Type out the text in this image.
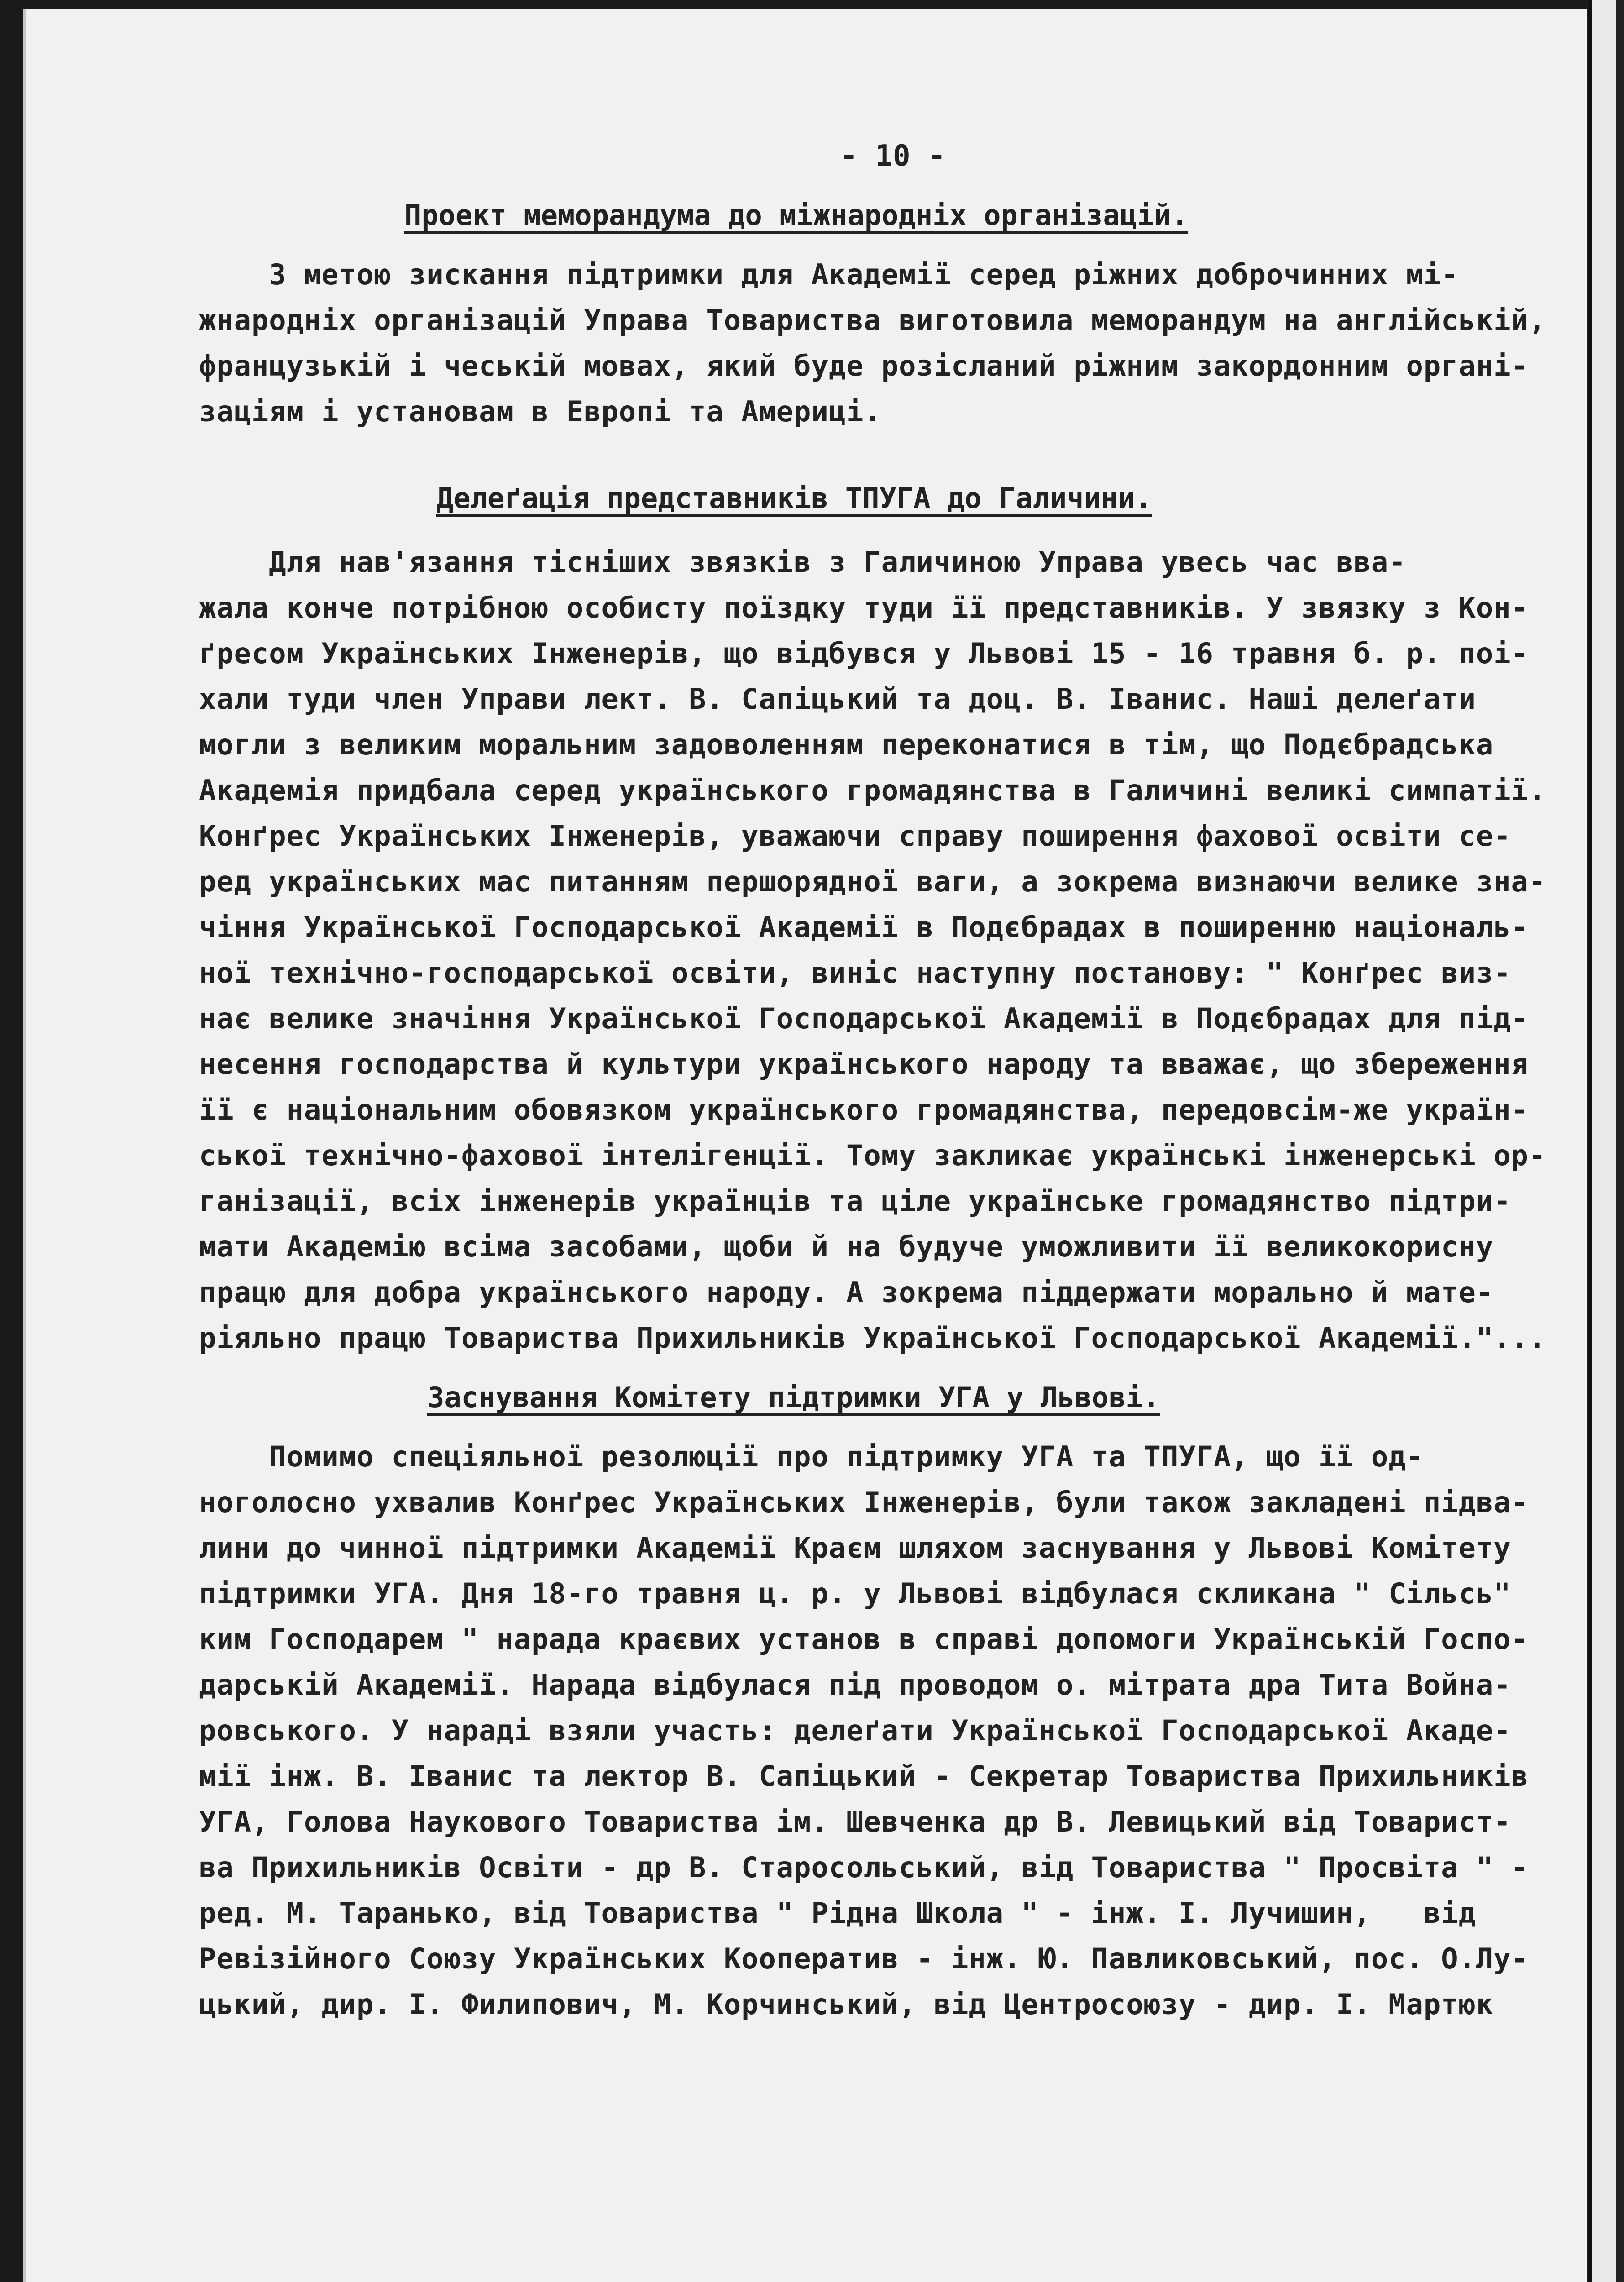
- 10 -
Проект меморандума до міжнародніх організацій.
З метою зискання підтримки для Академії серед ріжних доброчинних мі-
жнародніх організацій Управа Товариства виготовила меморандум на англійській,
французькій і чеській мовах, який буде розісланий ріжним закордонним органі-
заціям і установам в Европі та Америці.
Делеґація представників ТПУГА до Галичини.
Для нав'язання тісніших звязків з Галичиною Управа увесь час вва-
жала конче потрібною особисту поїздку туди її представників. У звязку з Кон-
ґресом Українських Інженерів, що відбувся у Львові 15 - 16 травня б. р. поі-
хали туди член Управи лект. В. Сапіцький та доц. В. Іванис. Наші делеґати
могли з великим моральним задоволенням переконатися в тім, що Подєбрадська
Академія придбала серед українського громадянства в Галичині великі симпатії.
Конґрес Українських Інженерів, уважаючи справу поширення фахової освіти се-
ред українських мас питанням першорядної ваги, а зокрема визнаючи велике зна-
чіння Української Господарської Академії в Подєбрадах в поширенню національ-
ної технічно-господарської освіти, виніс наступну постанову: " Конґрес виз-
нає велике значіння Української Господарської Академії в Подєбрадах для під-
несення господарства й культури українського народу та вважає, що збереження
її є національним обовязком українського громадянства, передовсім-же україн-
ської технічно-фахової інтелігенції. Тому закликає українські інженерські ор-
ганізації, всіх інженерів українців та ціле українське громадянство підтри-
мати Академію всіма засобами, щоби й на будуче уможливити її великокорисну
працю для добра українського народу. А зокрема піддержати морально й мате-
ріяльно працю Товариства Прихильників Української Господарської Академії."...
Заснування Комітету підтримки УГА у Львові.
Помимо спеціяльної резолюції про підтримку УГА та ТПУГА, що її од-
ноголосно ухвалив Конґрес Українських Інженерів, були також закладені підва-
лини до чинної підтримки Академії Краєм шляхом заснування у Львові Комітету
підтримки УГА. Дня 18-го травня ц. р. у Львові відбулася скликана " Сільсь"
ким Господарем " нарада краєвих установ в справі допомоги Українській Госпо-
дарській Академії. Нарада відбулася під проводом о. мітрата дра Тита Война-
ровського. У нараді взяли участь: делеґати Української Господарської Акаде-
мії інж. В. Іванис та лектор В. Сапіцький - Секретар Товариства Прихильників
УГА, Голова Наукового Товариства ім. Шевченка др В. Левицький від Товарист-
ва Прихильників Освіти - др В. Старосольський, від Товариства " Просвіта " -
ред. М. Таранько, від Товариства " Рідна Школа " - інж. І. Лучишин,   від
Ревізійного Союзу Українських Кооператив - інж. Ю. Павликовський, пос. О.Лу-
цький, дир. І. Филипович, М. Корчинський, від Центросоюзу - дир. І. Мартюк
